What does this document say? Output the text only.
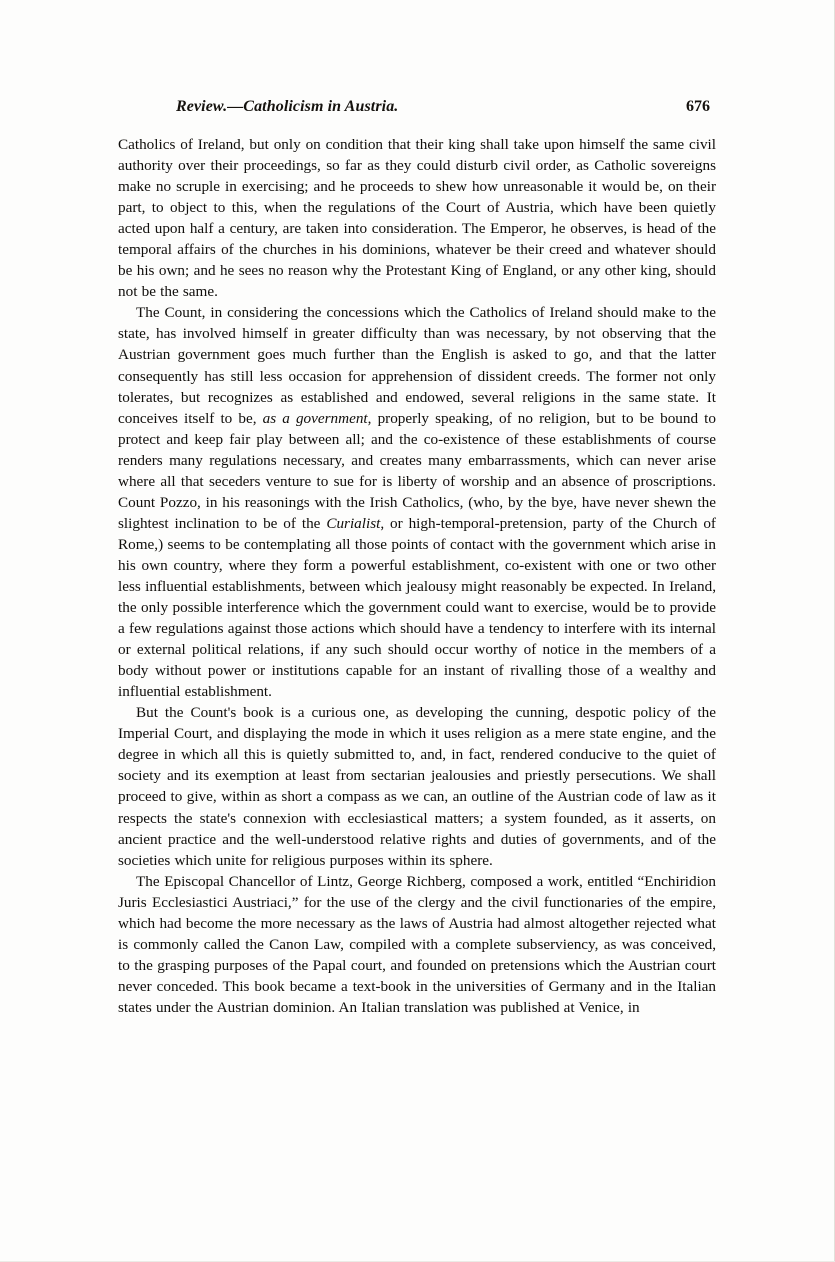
Review.—Catholicism in Austria.	676

Catholics of Ireland, but only on condition that their king shall take upon himself the same civil authority over their proceedings, so far as they could disturb civil order, as Catholic sovereigns make no scruple in exercising; and he proceeds to shew how unreasonable it would be, on their part, to object to this, when the regulations of the Court of Austria, which have been quietly acted upon half a century, are taken into consideration. The Emperor, he observes, is head of the temporal affairs of the churches in his dominions, whatever be their creed and whatever should be his own; and he sees no reason why the Protestant King of England, or any other king, should not be the same.

The Count, in considering the concessions which the Catholics of Ireland should make to the state, has involved himself in greater difficulty than was necessary, by not observing that the Austrian government goes much further than the English is asked to go, and that the latter consequently has still less occasion for apprehension of dissident creeds. The former not only tolerates, but recognizes as established and endowed, several religions in the same state. It conceives itself to be, as a government, properly speaking, of no religion, but to be bound to protect and keep fair play between all; and the co-existence of these establishments of course renders many regulations necessary, and creates many embarrassments, which can never arise where all that seceders venture to sue for is liberty of worship and an absence of proscriptions. Count Pozzo, in his reasonings with the Irish Catholics, (who, by the bye, have never shewn the slightest inclination to be of the Curialist, or high-temporal-pretension, party of the Church of Rome,) seems to be contemplating all those points of contact with the government which arise in his own country, where they form a powerful establishment, co-existent with one or two other less influential establishments, between which jealousy might reasonably be expected. In Ireland, the only possible interference which the government could want to exercise, would be to provide a few regulations against those actions which should have a tendency to interfere with its internal or external political relations, if any such should occur worthy of notice in the members of a body without power or institutions capable for an instant of rivalling those of a wealthy and influential establishment.

But the Count's book is a curious one, as developing the cunning, despotic policy of the Imperial Court, and displaying the mode in which it uses religion as a mere state engine, and the degree in which all this is quietly submitted to, and, in fact, rendered conducive to the quiet of society and its exemption at least from sectarian jealousies and priestly persecutions. We shall proceed to give, within as short a compass as we can, an outline of the Austrian code of law as it respects the state's connexion with ecclesiastical matters; a system founded, as it asserts, on ancient practice and the well-understood relative rights and duties of governments, and of the societies which unite for religious purposes within its sphere.

The Episcopal Chancellor of Lintz, George Richberg, composed a work, entitled “Enchiridion Juris Ecclesiastici Austriaci,” for the use of the clergy and the civil functionaries of the empire, which had become the more necessary as the laws of Austria had almost altogether rejected what is commonly called the Canon Law, compiled with a complete subserviency, as was conceived, to the grasping purposes of the Papal court, and founded on pretensions which the Austrian court never conceded. This book became a text-book in the universities of Germany and in the Italian states under the Austrian dominion. An Italian translation was published at Venice, in
